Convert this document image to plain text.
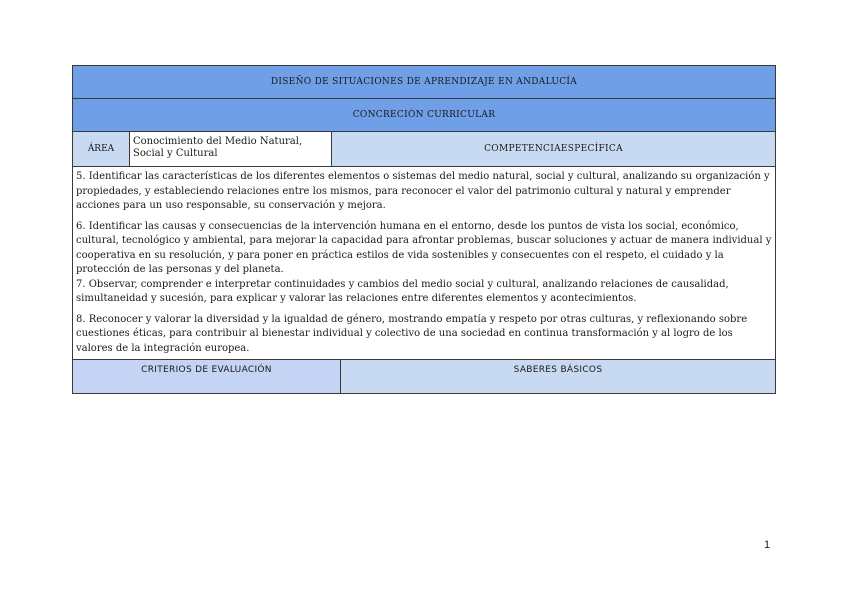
DISEÑO DE SITUACIONES DE APRENDIZAJE EN ANDALUCÍA
CONCRECIÓN CURRICULAR
ÁREA
Conocimiento del Medio Natural, Social y Cultural	COMPETENCIAESPECÍFICA

5. Identificar las características de los diferentes elementos o sistemas del medio natural, social y cultural, analizando su organización y propiedades, y estableciendo relaciones entre los mismos, para reconocer el valor del patrimonio cultural y natural y emprender acciones para un uso responsable, su conservación y mejora.

6. Identificar las causas y consecuencias de la intervención humana en el entorno, desde los puntos de vista los social, económico, cultural, tecnológico y ambiental, para mejorar la capacidad para afrontar problemas, buscar soluciones y actuar de manera individual y cooperativa en su resolución, y para poner en práctica estilos de vida sostenibles y consecuentes con el respeto, el cuidado y la protección de las personas y del planeta.

7. Observar, comprender e interpretar continuidades y cambios del medio social y cultural, analizando relaciones de causalidad, simultaneidad y sucesión, para explicar y valorar las relaciones entre diferentes elementos y acontecimientos.

8. Reconocer y valorar la diversidad y la igualdad de género, mostrando empatía y respeto por otras culturas, y reflexionando sobre cuestiones éticas, para contribuir al bienestar individual y colectivo de una sociedad en continua transformación y al logro de los valores de la integración europea.

CRITERIOS DE EVALUACIÓN	SABERES BÁSICOS
1
